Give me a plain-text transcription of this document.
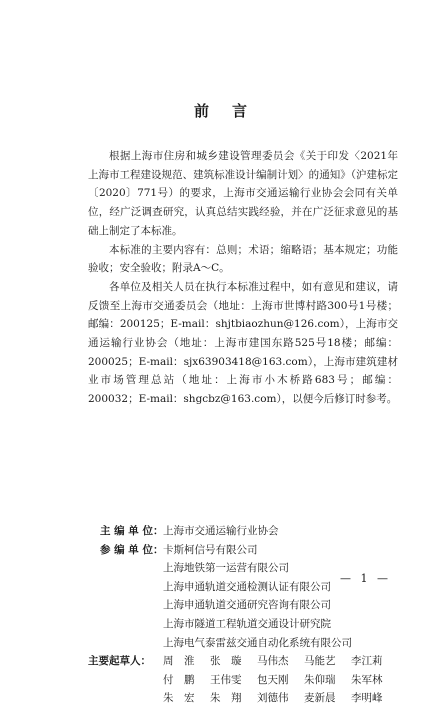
前　言

根据上海市住房和城乡建设管理委员会《关于印发〈2021年上海市工程建设规范、建筑标准设计编制计划〉的通知》（沪建标定〔2020〕771号）的要求，上海市交通运输行业协会会同有关单位，经广泛调查研究，认真总结实践经验，并在广泛征求意见的基础上制定了本标准。

本标准的主要内容有：总则；术语；缩略语；基本规定；功能验收；安全验收；附录A～C。

各单位及相关人员在执行本标准过程中，如有意见和建议，请反馈至上海市交通委员会（地址：上海市世博村路300号1号楼；邮编：200125；E-mail：shjtbiaozhun@126.com），上海市交通运输行业协会（地址：上海市建国东路525号18楼；邮编：200025；E-mail：sjx63903418@163.com），上海市建筑建材业市场管理总站（地址：上海市小木桥路683号；邮编：200032；E-mail：shgcbz@163.com），以便今后修订时参考。

主 编 单 位： 上海市交通运输行业协会
参 编 单 位： 卡斯柯信号有限公司
上海地铁第一运营有限公司
上海申通轨道交通检测认证有限公司
上海申通轨道交通研究咨询有限公司
上海市隧道工程轨道交通设计研究院
上海电气泰雷兹交通自动化系统有限公司
主要起草人：	周　淮	张　璇	马伟杰	马能艺	李江莉
付　鹏	王伟雯	包天刚	朱仰瑞	朱军林
朱　宏	朱　翔	刘德伟	麦新晨	李明峰
— 1 —
